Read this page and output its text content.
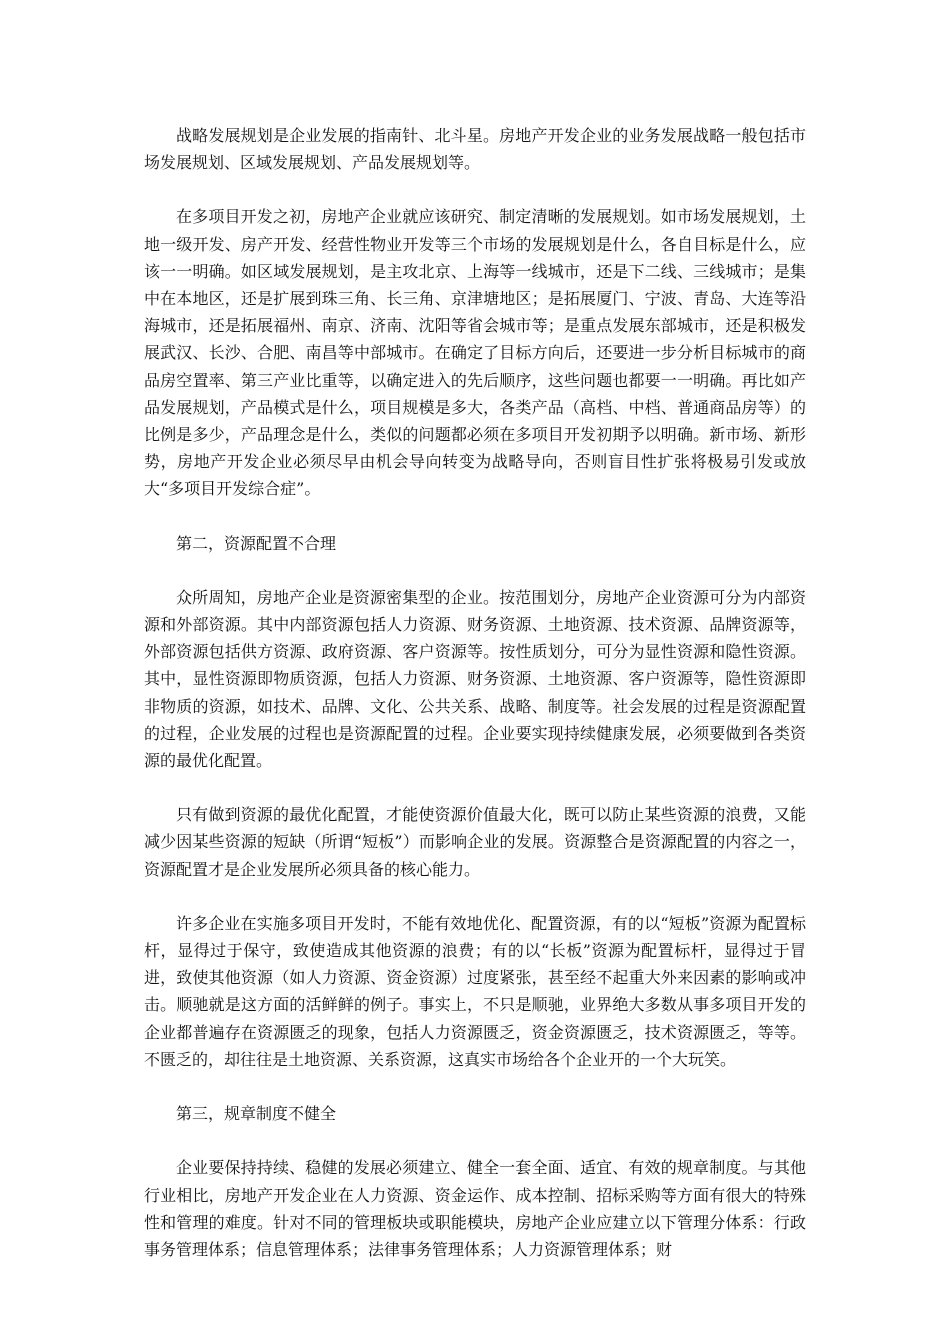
战略发展规划是企业发展的指南针、北斗星。房地产开发企业的业务发展战略一般包括市场发展规划、区域发展规划、产品发展规划等。

在多项目开发之初，房地产企业就应该研究、制定清晰的发展规划。如市场发展规划，土地一级开发、房产开发、经营性物业开发等三个市场的发展规划是什么，各自目标是什么，应该一一明确。如区域发展规划，是主攻北京、上海等一线城市，还是下二线、三线城市；是集中在本地区，还是扩展到珠三角、长三角、京津塘地区；是拓展厦门、宁波、青岛、大连等沿海城市，还是拓展福州、南京、济南、沈阳等省会城市等；是重点发展东部城市，还是积极发展武汉、长沙、合肥、南昌等中部城市。在确定了目标方向后，还要进一步分析目标城市的商品房空置率、第三产业比重等，以确定进入的先后顺序，这些问题也都要一一明确。再比如产品发展规划，产品模式是什么，项目规模是多大，各类产品（高档、中档、普通商品房等）的比例是多少，产品理念是什么，类似的问题都必须在多项目开发初期予以明确。新市场、新形势，房地产开发企业必须尽早由机会导向转变为战略导向，否则盲目性扩张将极易引发或放大“多项目开发综合症”。

第二，资源配置不合理

众所周知，房地产企业是资源密集型的企业。按范围划分，房地产企业资源可分为内部资源和外部资源。其中内部资源包括人力资源、财务资源、土地资源、技术资源、品牌资源等，外部资源包括供方资源、政府资源、客户资源等。按性质划分，可分为显性资源和隐性资源。其中，显性资源即物质资源，包括人力资源、财务资源、土地资源、客户资源等，隐性资源即非物质的资源，如技术、品牌、文化、公共关系、战略、制度等。社会发展的过程是资源配置的过程，企业发展的过程也是资源配置的过程。企业要实现持续健康发展，必须要做到各类资源的最优化配置。

只有做到资源的最优化配置，才能使资源价值最大化，既可以防止某些资源的浪费，又能减少因某些资源的短缺（所谓“短板”）而影响企业的发展。资源整合是资源配置的内容之一，资源配置才是企业发展所必须具备的核心能力。

许多企业在实施多项目开发时，不能有效地优化、配置资源，有的以“短板”资源为配置标杆，显得过于保守，致使造成其他资源的浪费；有的以“长板”资源为配置标杆，显得过于冒进，致使其他资源（如人力资源、资金资源）过度紧张，甚至经不起重大外来因素的影响或冲击。顺驰就是这方面的活鲜鲜的例子。事实上，不只是顺驰，业界绝大多数从事多项目开发的企业都普遍存在资源匮乏的现象，包括人力资源匮乏，资金资源匮乏，技术资源匮乏，等等。不匮乏的，却往往是土地资源、关系资源，这真实市场给各个企业开的一个大玩笑。

第三，规章制度不健全

企业要保持持续、稳健的发展必须建立、健全一套全面、适宜、有效的规章制度。与其他行业相比，房地产开发企业在人力资源、资金运作、成本控制、招标采购等方面有很大的特殊性和管理的难度。针对不同的管理板块或职能模块，房地产企业应建立以下管理分体系：行政事务管理体系；信息管理体系；法律事务管理体系；人力资源管理体系；财
